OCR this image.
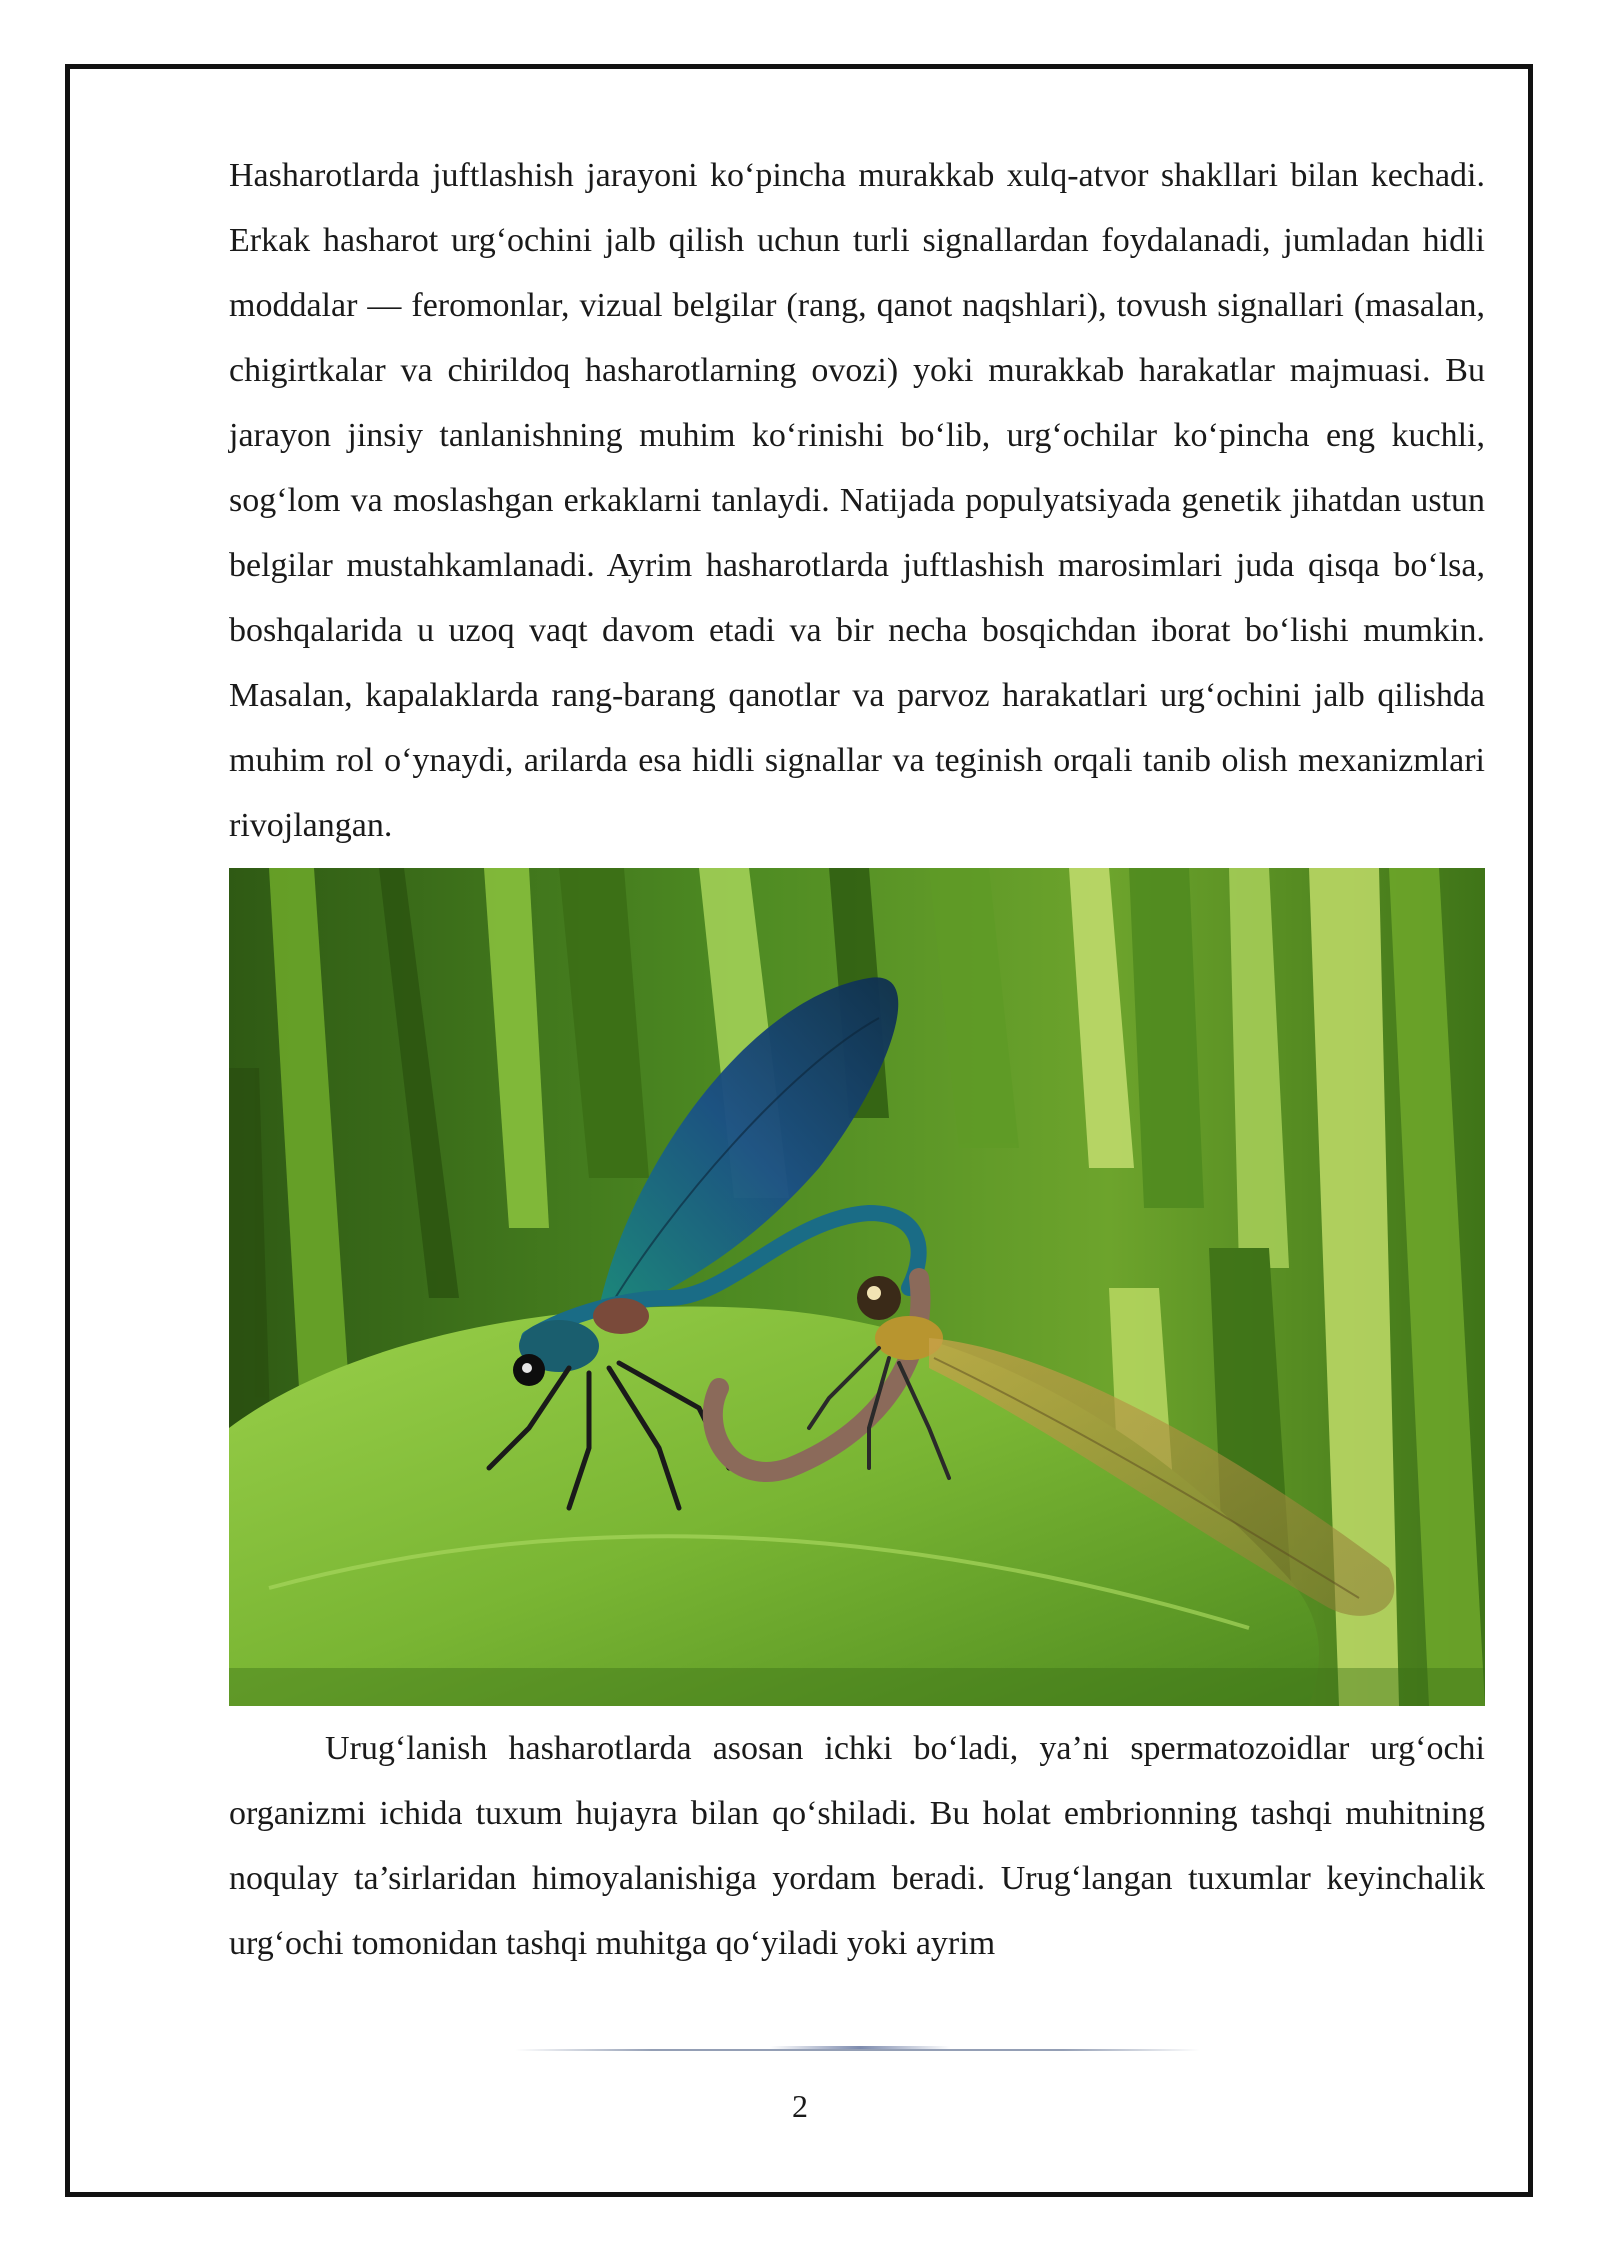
Hasharotlarda juftlashish jarayoni ko‘pincha murakkab xulq-atvor shakllari bilan kechadi. Erkak hasharot urg‘ochini jalb qilish uchun turli signallardan foydalanadi, jumladan hidli moddalar — feromonlar, vizual belgilar (rang, qanot naqshlari), tovush signallari (masalan, chigirtkalar va chirildoq hasharotlarning ovozi) yoki murakkab harakatlar majmuasi. Bu jarayon jinsiy tanlanishning muhim ko‘rinishi bo‘lib, urg‘ochilar ko‘pincha eng kuchli, sog‘lom va moslashgan erkaklarni tanlaydi. Natijada populyatsiyada genetik jihatdan ustun belgilar mustahkamlanadi. Ayrim hasharotlarda juftlashish marosimlari juda qisqa bo‘lsa, boshqalarida u uzoq vaqt davom etadi va bir necha bosqichdan iborat bo‘lishi mumkin. Masalan, kapalaklarda rang-barang qanotlar va parvoz harakatlari urg‘ochini jalb qilishda muhim rol o‘ynaydi, arilarda esa hidli signallar va teginish orqali tanib olish mexanizmlari rivojlangan.

Urug‘lanish hasharotlarda asosan ichki bo‘ladi, ya’ni spermatozoidlar urg‘ochi organizmi ichida tuxum hujayra bilan qo‘shiladi. Bu holat embrionning tashqi muhitning noqulay ta’sirlaridan himoyalanishiga yordam beradi. Urug‘langan tuxumlar keyinchalik urg‘ochi tomonidan tashqi muhitga qo‘yiladi yoki ayrim

2
